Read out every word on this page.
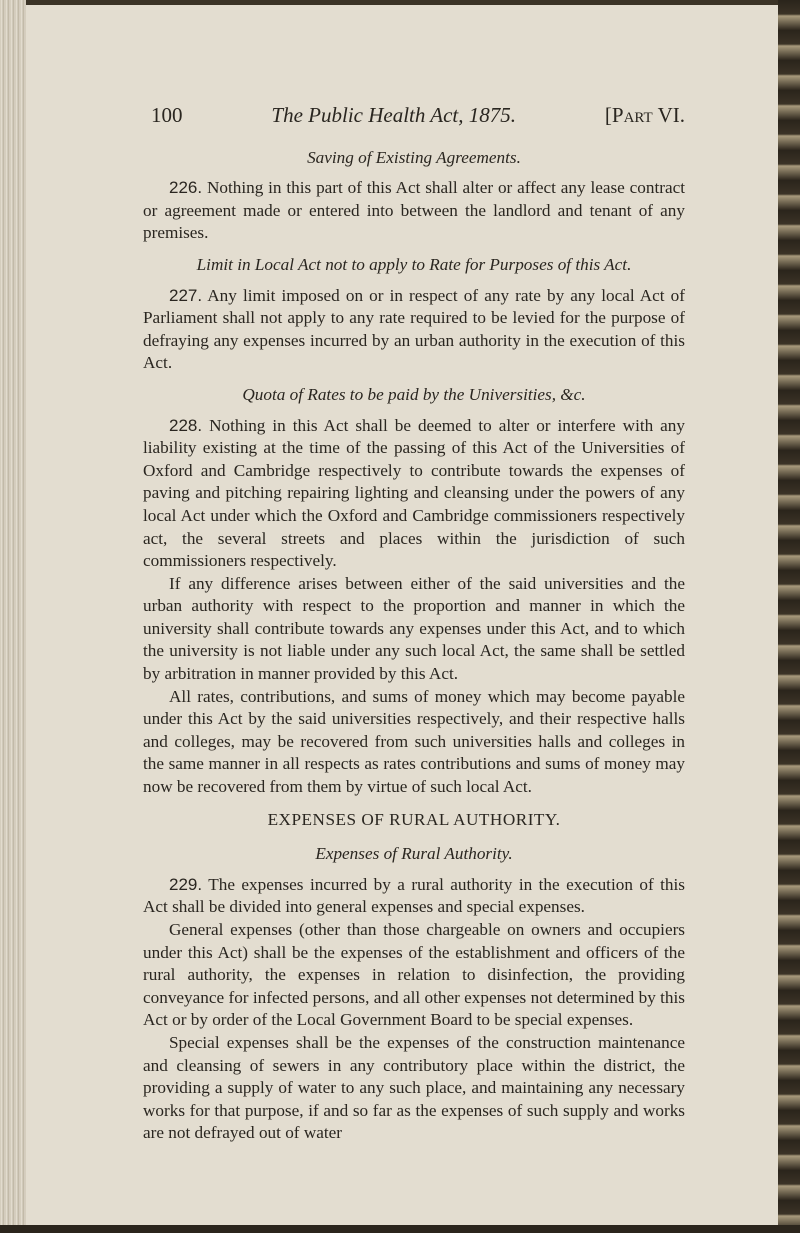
100	The Public Health Act, 1875.	[Part VI.
Saving of Existing Agreements.

226. Nothing in this part of this Act shall alter or affect any lease contract or agreement made or entered into between the landlord and tenant of any premises.

Limit in Local Act not to apply to Rate for Purposes of this Act.

227. Any limit imposed on or in respect of any rate by any local Act of Parliament shall not apply to any rate required to be levied for the purpose of defraying any expenses incurred by an urban authority in the execution of this Act.

Quota of Rates to be paid by the Universities, &c.

228. Nothing in this Act shall be deemed to alter or interfere with any liability existing at the time of the passing of this Act of the Universities of Oxford and Cambridge respectively to contribute towards the expenses of paving and pitching repairing lighting and cleansing under the powers of any local Act under which the Oxford and Cambridge commissioners respectively act, the several streets and places within the jurisdiction of such commissioners respectively.

If any difference arises between either of the said universities and the urban authority with respect to the proportion and manner in which the university shall contribute towards any expenses under this Act, and to which the university is not liable under any such local Act, the same shall be settled by arbitration in manner provided by this Act.

All rates, contributions, and sums of money which may become payable under this Act by the said universities respectively, and their respective halls and colleges, may be recovered from such universities halls and colleges in the same manner in all respects as rates contributions and sums of money may now be recovered from them by virtue of such local Act.

EXPENSES OF RURAL AUTHORITY.
Expenses of Rural Authority.

229. The expenses incurred by a rural authority in the execution of this Act shall be divided into general expenses and special expenses.

General expenses (other than those chargeable on owners and occupiers under this Act) shall be the expenses of the establishment and officers of the rural authority, the expenses in relation to disinfection, the providing conveyance for infected persons, and all other expenses not determined by this Act or by order of the Local Government Board to be special expenses.

Special expenses shall be the expenses of the construction maintenance and cleansing of sewers in any contributory place within the district, the providing a supply of water to any such place, and maintaining any necessary works for that purpose, if and so far as the expenses of such supply and works are not defrayed out of water
